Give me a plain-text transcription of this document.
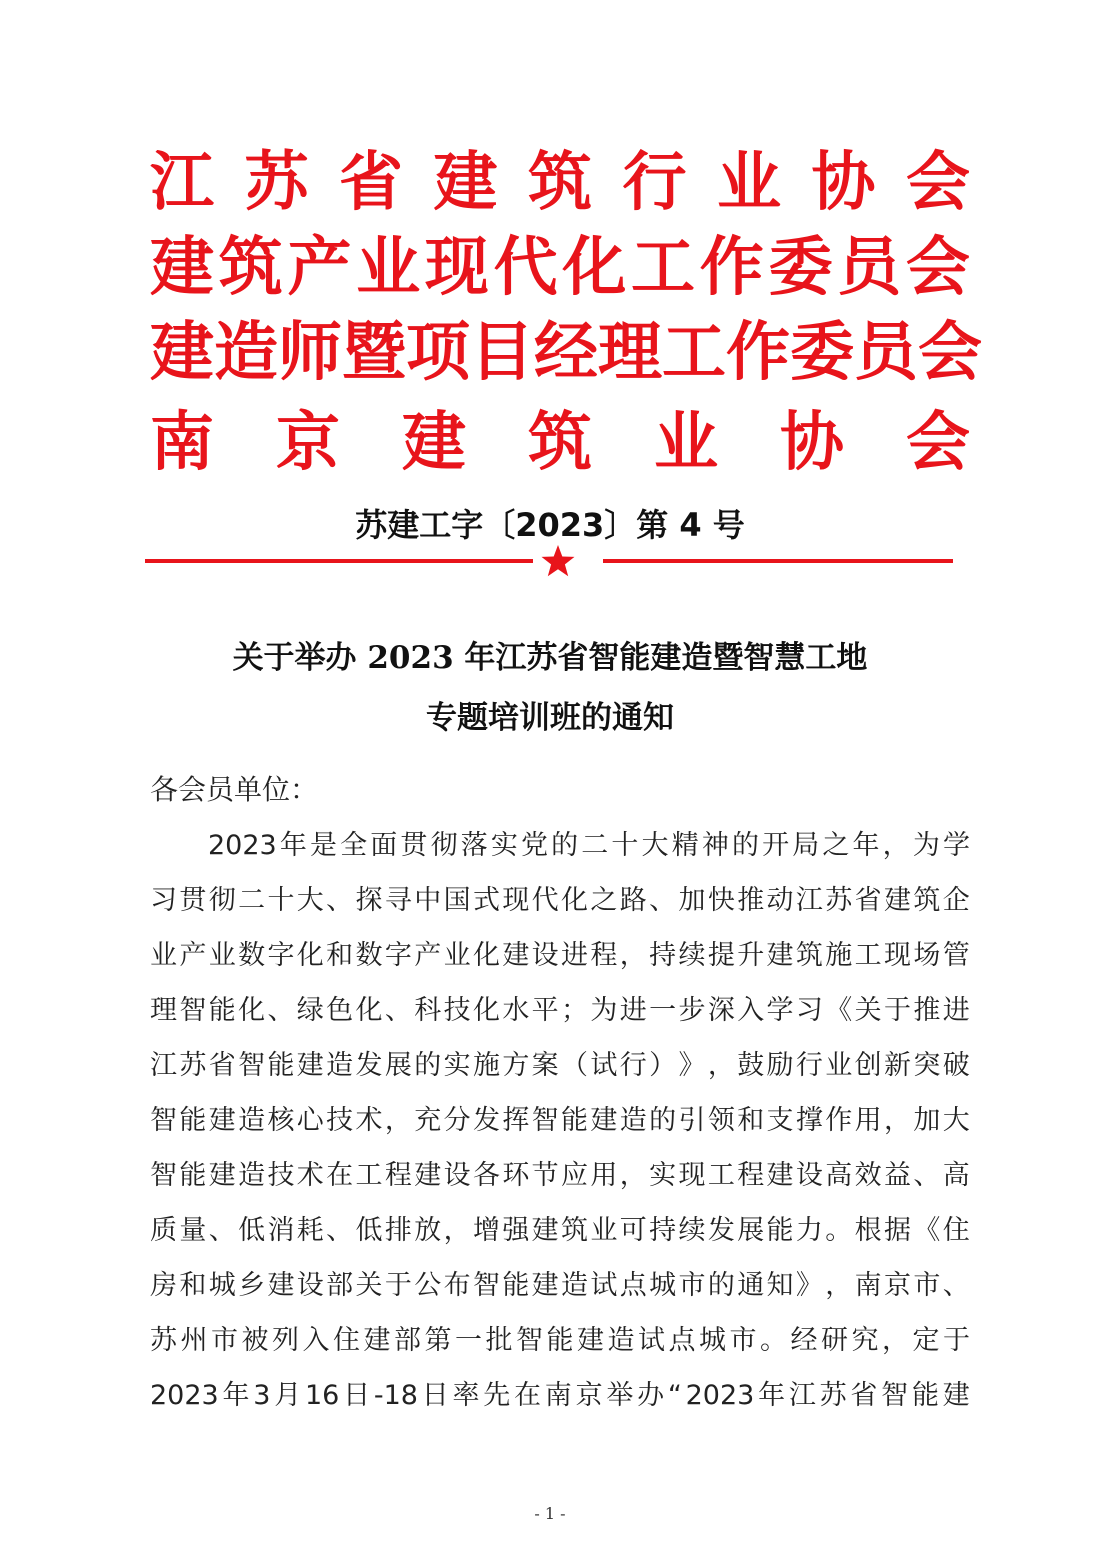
江 苏 省 建 筑 行 业 协 会
建 筑 产 业 现 代 化 工 作 委 员 会
建 造 师 暨 项 目 经 理 工 作 委 员 会
南 京 建 筑 业 协 会
苏建工字〔2023〕第 4 号
关于举办 2023 年江苏省智能建造暨智慧工地
专题培训班的通知
各会员单位：
2023 年 是 全 面 贯 彻 落 实 党 的 二 十 大 精 神 的 开 局 之 年 ， 为 学
习 贯 彻 二 十 大 、 探 寻 中 国 式 现 代 化 之 路 、 加 快 推 动 江 苏 省 建 筑 企
业 产 业 数 字 化 和 数 字 产 业 化 建 设 进 程 ， 持 续 提 升 建 筑 施 工 现 场 管
理 智 能 化 、 绿 色 化 、 科 技 化 水 平 ； 为 进 一 步 深 入 学 习 《 关 于 推 进
江 苏 省 智 能 建 造 发 展 的 实 施 方 案 （ 试 行 ） 》 ， 鼓 励 行 业 创 新 突 破
智 能 建 造 核 心 技 术 ， 充 分 发 挥 智 能 建 造 的 引 领 和 支 撑 作 用 ， 加 大
智 能 建 造 技 术 在 工 程 建 设 各 环 节 应 用 ， 实 现 工 程 建 设 高 效 益 、 高
质 量 、 低 消 耗 、 低 排 放 ， 增 强 建 筑 业 可 持 续 发 展 能 力 。 根 据 《 住
房 和 城 乡 建 设 部 关 于 公 布 智 能 建 造 试 点 城 市 的 通 知 》 ， 南 京 市 、
苏 州 市 被 列 入 住 建 部 第 一 批 智 能 建 造 试 点 城 市 。 经 研 究 ， 定 于
2023 年 3 月 16 日 -18 日 率 先 在 南 京 举 办 “ 2023 年 江 苏 省 智 能 建
- 1 -
